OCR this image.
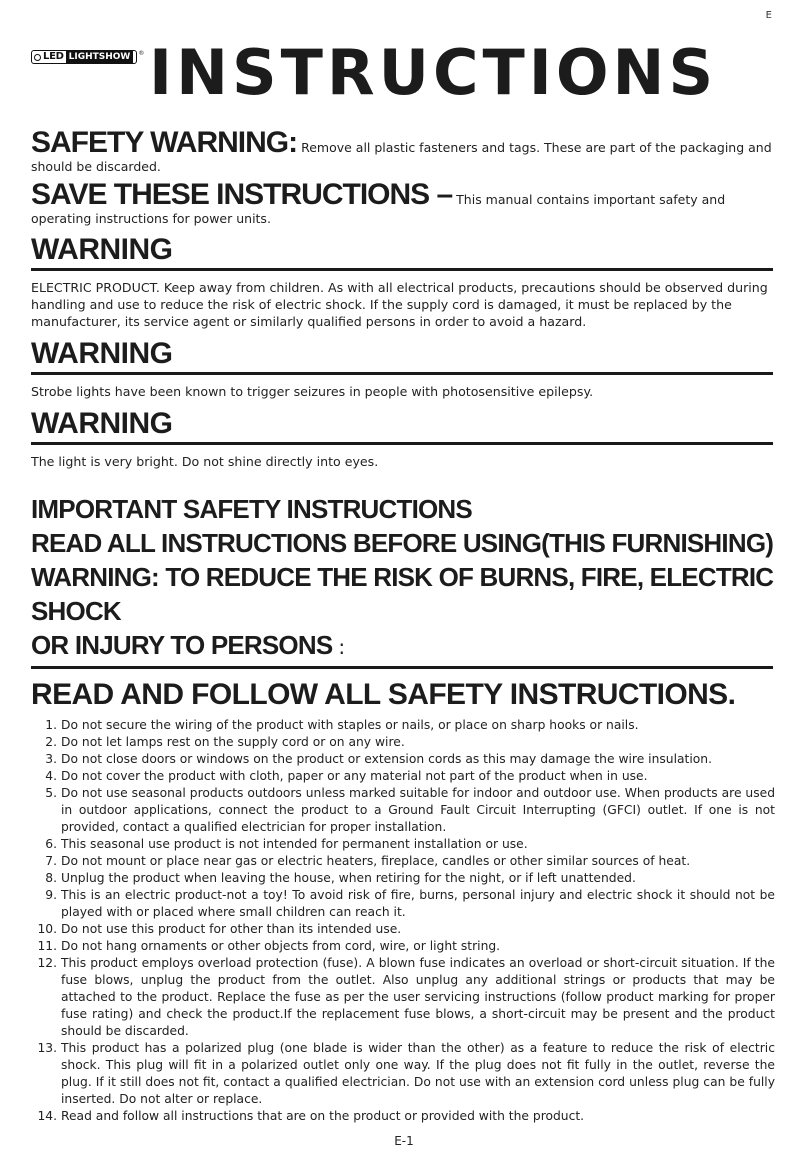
E
LED LIGHTSHOW	® INSTRUCTIONS

SAFETY WARNING: Remove all plastic fasteners and tags. These are part of the packaging and should be discarded.

SAVE THESE INSTRUCTIONS – This manual contains important safety and operating instructions for power units.

WARNING

ELECTRIC PRODUCT. Keep away from children. As with all electrical products, precautions should be observed during handling and use to reduce the risk of electric shock. If the supply cord is damaged, it must be replaced by the manufacturer, its service agent or similarly qualified persons in order to avoid a hazard.

WARNING

Strobe lights have been known to trigger seizures in people with photosensitive epilepsy.

WARNING

The light is very bright. Do not shine directly into eyes.

IMPORTANT SAFETY INSTRUCTIONS

READ ALL INSTRUCTIONS BEFORE USING(THIS FURNISHING)

WARNING: TO REDUCE THE RISK OF BURNS, FIRE, ELECTRIC SHOCK

OR INJURY TO PERSONS :

READ AND FOLLOW ALL SAFETY INSTRUCTIONS.
1. Do not secure the wiring of the product with staples or nails, or place on sharp hooks or nails.
2. Do not let lamps rest on the supply cord or on any wire.
3. Do not close doors or windows on the product or extension cords as this may damage the wire insulation.
4. Do not cover the product with cloth, paper or any material not part of the product when in use.
5. Do not use seasonal products outdoors unless marked suitable for indoor and outdoor use. When products are used in outdoor applications, connect the product to a Ground Fault Circuit Interrupting (GFCI) outlet. If one is not provided, contact a qualified electrician for proper installation.
6. This seasonal use product is not intended for permanent installation or use.
7. Do not mount or place near gas or electric heaters, fireplace, candles or other similar sources of heat.
8. Unplug the product when leaving the house, when retiring for the night, or if left unattended.
9. This is an electric product-not a toy! To avoid risk of fire, burns, personal injury and electric shock it should not be played with or placed where small children can reach it.
10. Do not use this product for other than its intended use.
11. Do not hang ornaments or other objects from cord, wire, or light string.
12. This product employs overload protection (fuse). A blown fuse indicates an overload or short-circuit situation. If the fuse blows, unplug the product from the outlet. Also unplug any additional strings or products that may be attached to the product. Replace the fuse as per the user servicing instructions (follow product marking for proper fuse rating) and check the product.If the replacement fuse blows, a short-circuit may be present and the product should be discarded.
13. This product has a polarized plug (one blade is wider than the other) as a feature to reduce the risk of electric shock. This plug will fit in a polarized outlet only one way. If the plug does not fit fully in the outlet, reverse the plug. If it still does not fit, contact a qualified electrician. Do not use with an extension cord unless plug can be fully inserted. Do not alter or replace.
14. Read and follow all instructions that are on the product or provided with the product.
E-1
